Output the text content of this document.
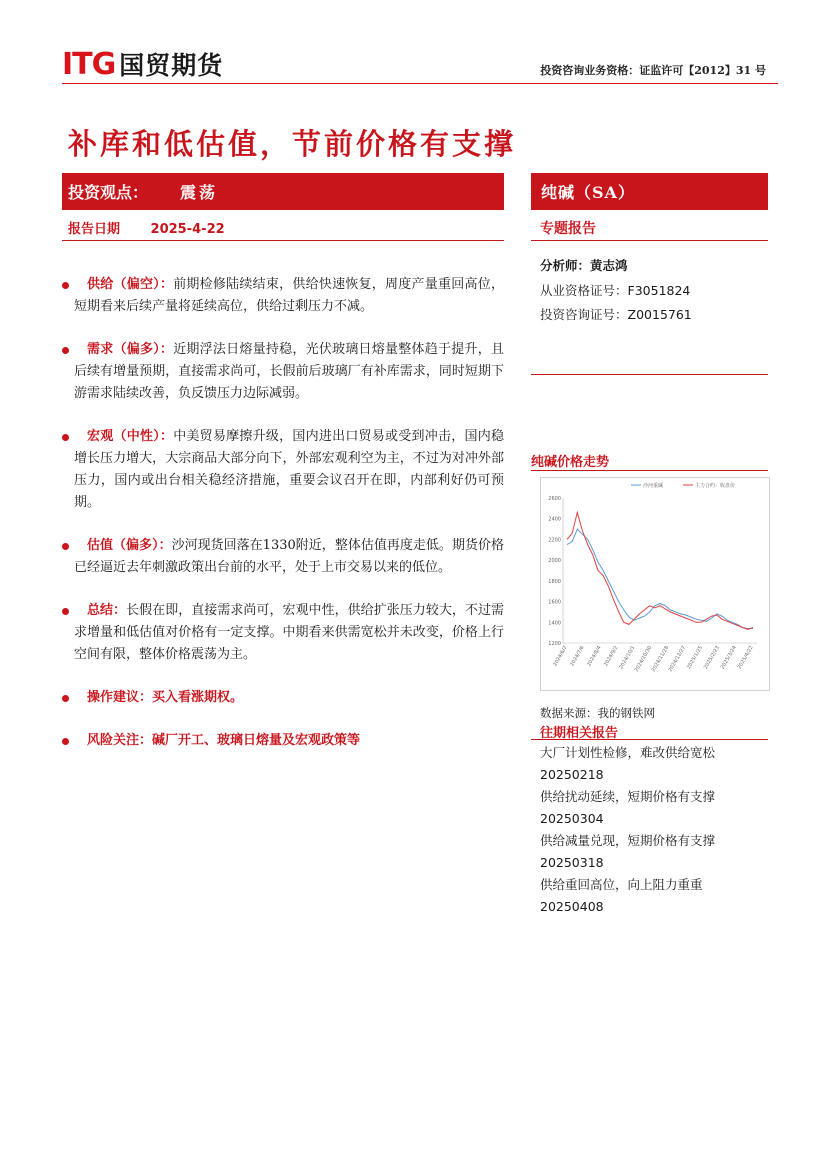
ITG 国贸期货	投资咨询业务资格：证监许可【2012】31 号
补库和低估值，节前价格有支撑
投资观点： 震荡
报告日期 2025-4-22
供给（偏空）：前期检修陆续结束，供给快速恢复，周度产量重回高位，短期看来后续产量将延续高位，供给过剩压力不减。
需求（偏多）：近期浮法日熔量持稳，光伏玻璃日熔量整体趋于提升，且后续有增量预期，直接需求尚可，长假前后玻璃厂有补库需求，同时短期下游需求陆续改善，负反馈压力边际减弱。
宏观（中性）：中美贸易摩擦升级，国内进出口贸易或受到冲击，国内稳增长压力增大，大宗商品大部分向下，外部宏观利空为主，不过为对冲外部压力，国内或出台相关稳经济措施，重要会议召开在即，内部利好仍可预期。
估值（偏多）：沙河现货回落在1330附近，整体估值再度走低。期货价格已经逼近去年刺激政策出台前的水平，处于上市交易以来的低位。
总结：长假在即，直接需求尚可，宏观中性，供给扩张压力较大，不过需求增量和低估值对价格有一定支撑。中期看来供需宽松并未改变，价格上行空间有限，整体价格震荡为主。
操作建议：买入看涨期权。
风险关注：碱厂开工、玻璃日熔量及宏观政策等
纯碱（SA）
专题报告
分析师：黄志鸿
从业资格证号：F3051824
投资咨询证号：Z0015761
纯碱价格走势
2600
2400
2200
2000
1800
1600
1400
1200
2024/6/7 2024/7/6 2024/8/4 2024/9/2
2024/10/1
2024/10/30
2024/11/28
2024/12/27
2025/1/25
2025/2/23
2025/3/24
2025/4/22
沙河重碱	主力合约：收盘价
数据来源：我的钢铁网
往期相关报告
大厂计划性检修，难改供给宽松
20250218
供给扰动延续，短期价格有支撑
20250304
供给减量兑现，短期价格有支撑
20250318
供给重回高位，向上阻力重重
20250408
